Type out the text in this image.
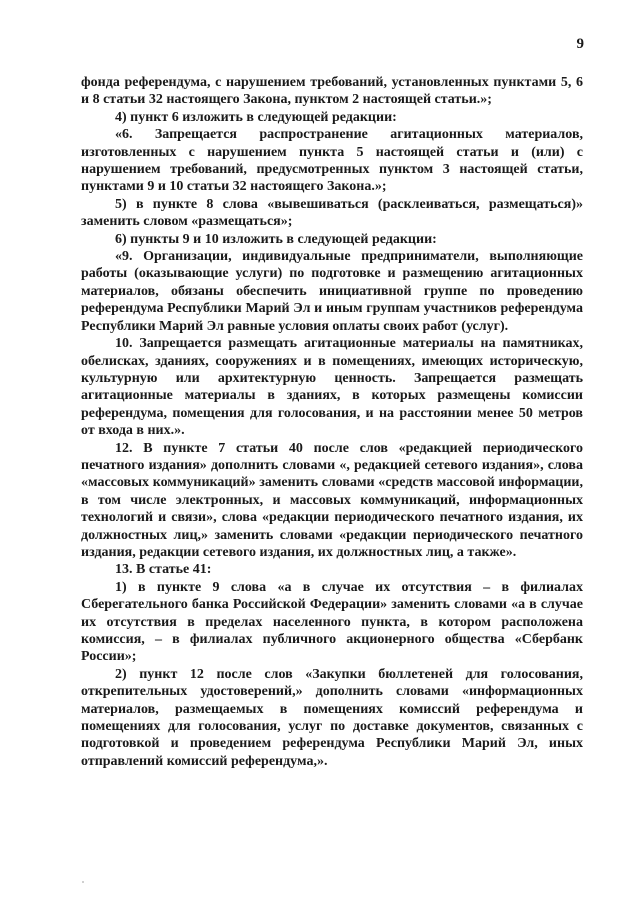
9

фонда референдума, с нарушением требований, установленных пунктами 5, 6 и 8 статьи 32 настоящего Закона, пунктом 2 настоящей статьи.»;

4) пункт 6 изложить в следующей редакции:

«6. Запрещается распространение агитационных материалов, изготовленных с нарушением пункта 5 настоящей статьи и (или) с нарушением требований, предусмотренных пунктом 3 настоящей статьи, пунктами 9 и 10 статьи 32 настоящего Закона.»;

5) в пункте 8 слова «вывешиваться (расклеиваться, размещаться)» заменить словом «размещаться»;

6) пункты 9 и 10 изложить в следующей редакции:

«9. Организации, индивидуальные предприниматели, выполняющие работы (оказывающие услуги) по подготовке и размещению агитационных материалов, обязаны обеспечить инициативной группе по проведению референдума Республики Марий Эл и иным группам участников референдума Республики Марий Эл равные условия оплаты своих работ (услуг).

10. Запрещается размещать агитационные материалы на памятниках, обелисках, зданиях, сооружениях и в помещениях, имеющих историческую, культурную или архитектурную ценность. Запрещается размещать агитационные материалы в зданиях, в которых размещены комиссии референдума, помещения для голосования, и на расстоянии менее 50 метров от входа в них.».

12. В пункте 7 статьи 40 после слов «редакцией периодического печатного издания» дополнить словами «, редакцией сетевого издания», слова «массовых коммуникаций» заменить словами «средств массовой информации, в том числе электронных, и массовых коммуникаций, информационных технологий и связи», слова «редакции периодического печатного издания, их должностных лиц,» заменить словами «редакции периодического печатного издания, редакции сетевого издания, их должностных лиц, а также».

13. В статье 41:

1) в пункте 9 слова «а в случае их отсутствия – в филиалах Сберегательного банка Российской Федерации» заменить словами «а в случае их отсутствия в пределах населенного пункта, в котором расположена комиссия, – в филиалах публичного акционерного общества «Сбербанк России»;

2) пункт 12 после слов «Закупки бюллетеней для голосования, открепительных удостоверений,» дополнить словами «информационных материалов, размещаемых в помещениях комиссий референдума и помещениях для голосования, услуг по доставке документов, связанных с подготовкой и проведением референдума Республики Марий Эл, иных отправлений комиссий референдума,».
